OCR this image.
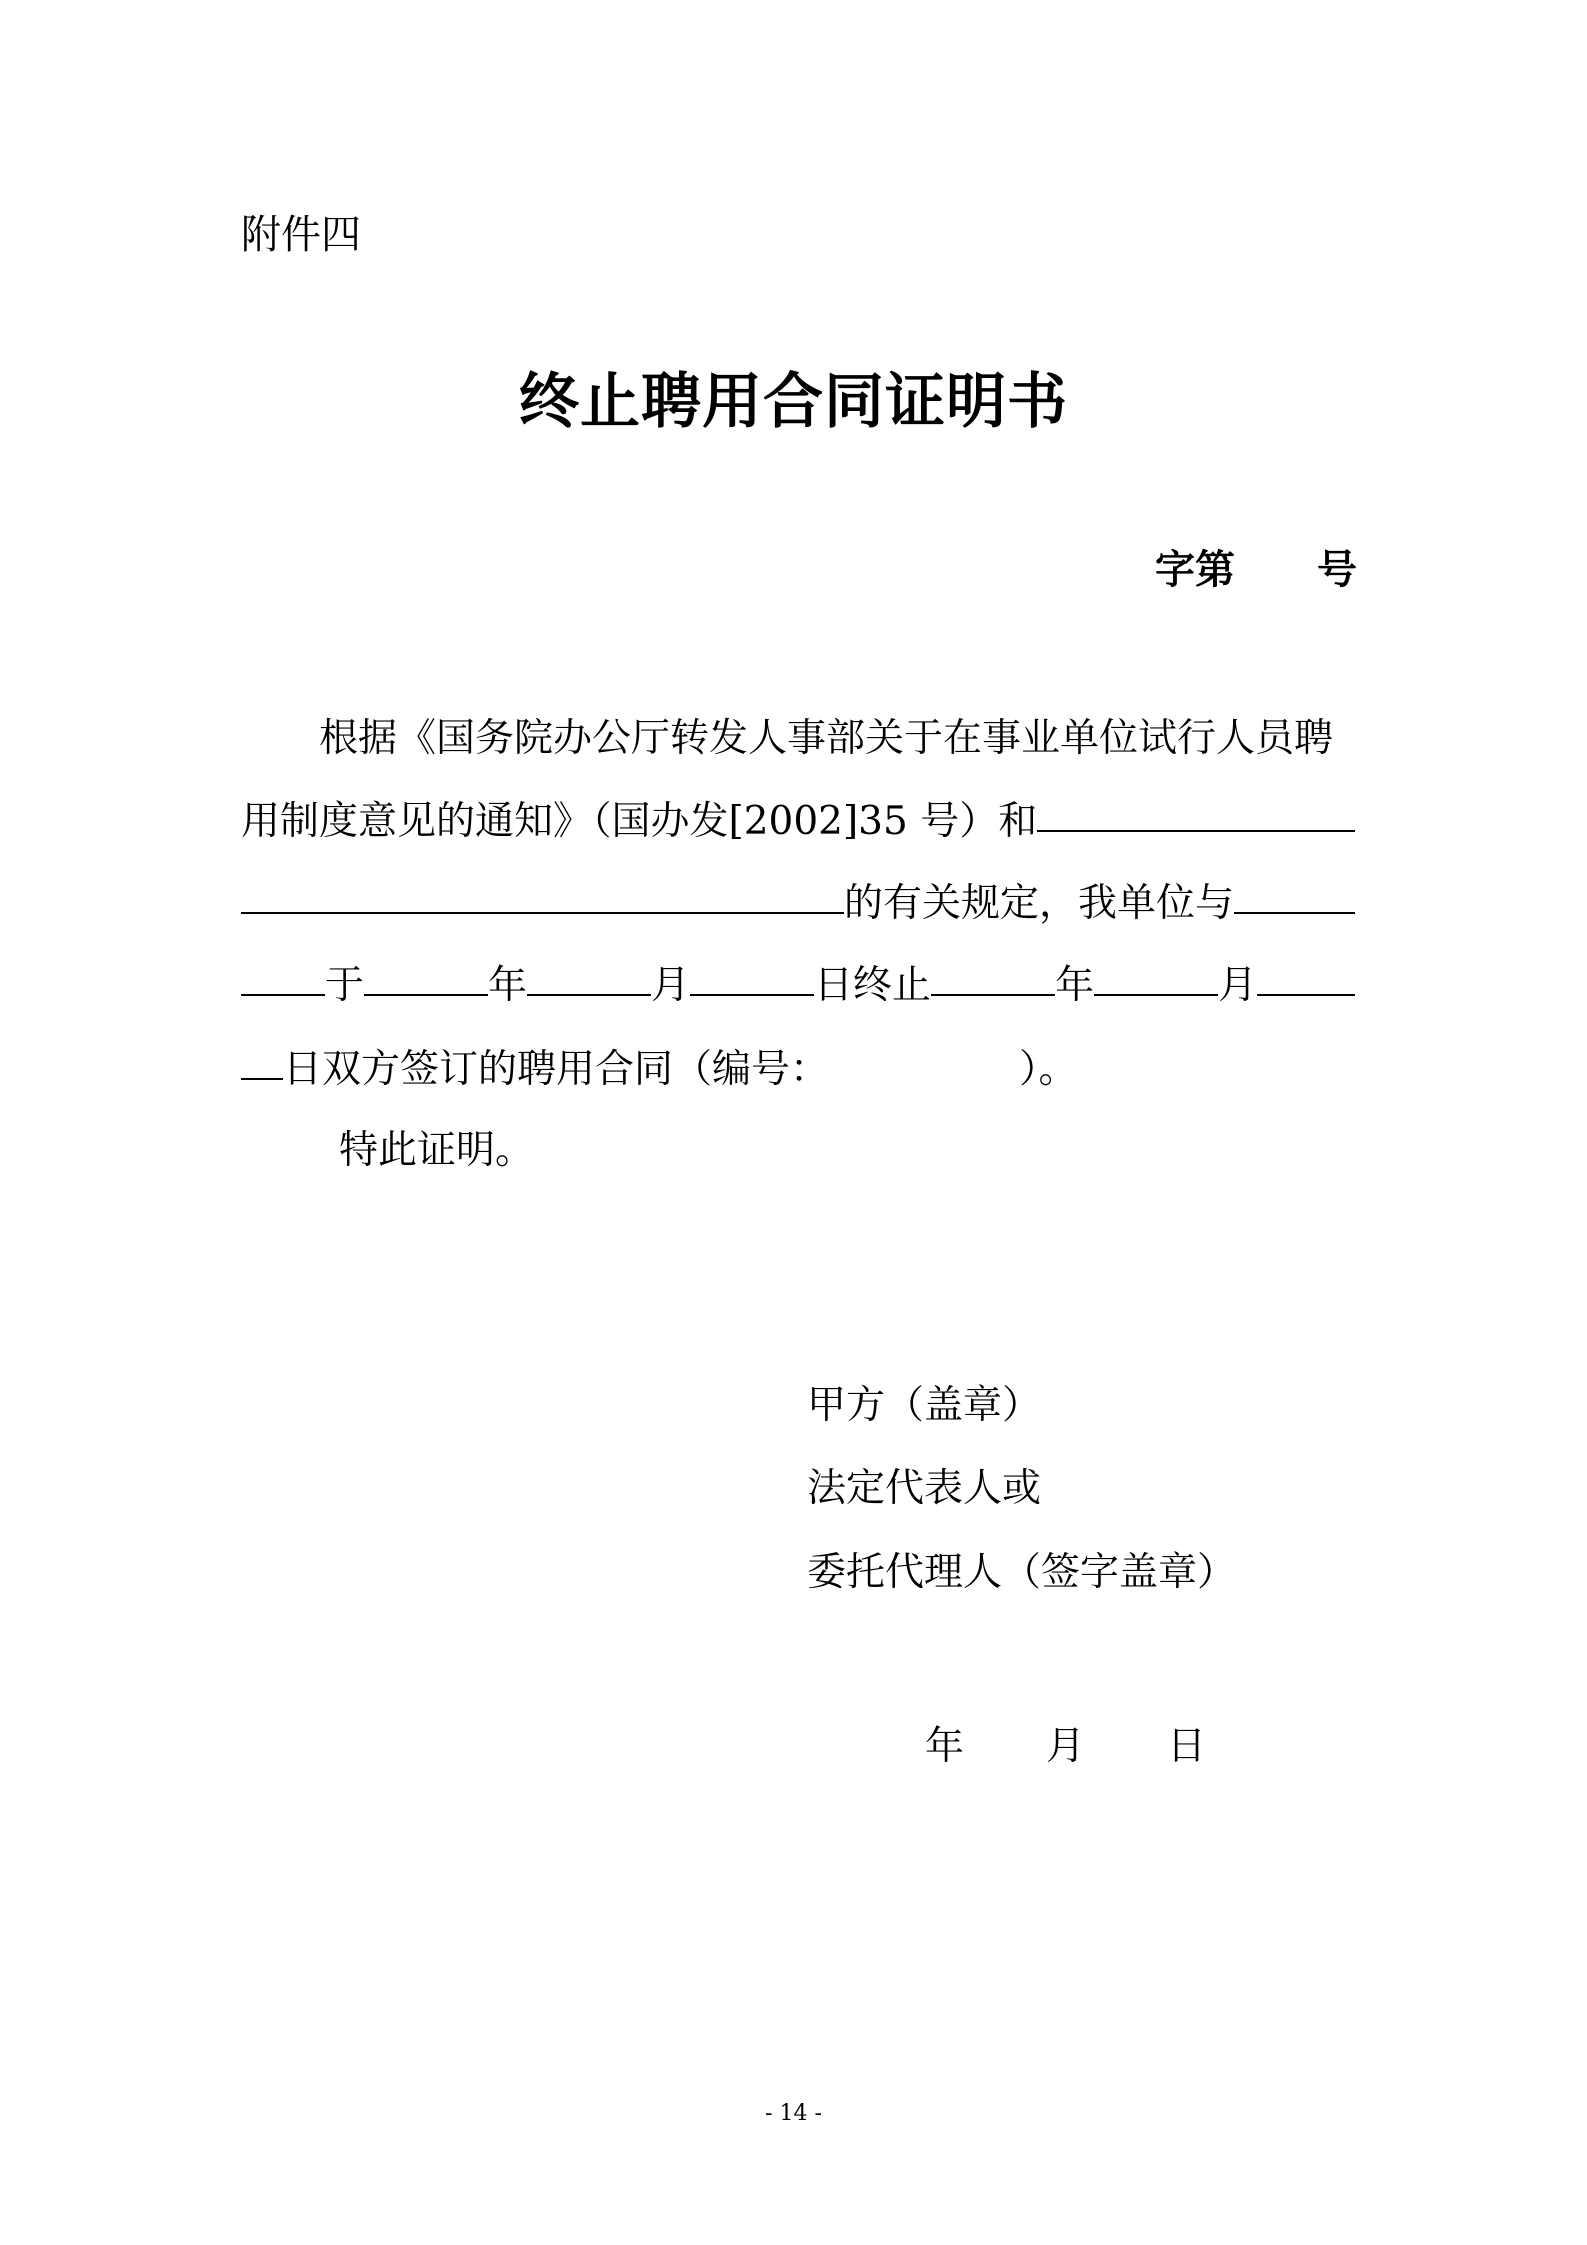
附件四
终止聘用合同证明书
字第 号
根据《国务院办公厅转发人事部关于在事业单位试行人员聘
用制度意见的通知》（国办发[2002]35 号）和
的有关规定，我单位与
于	年	月	日终止	年	月
日双方签订的聘用合同（编号：	）。
特此证明。
甲方（盖章）
法定代表人或
委托代理人（签字盖章）
年 月 日
- 14 -
